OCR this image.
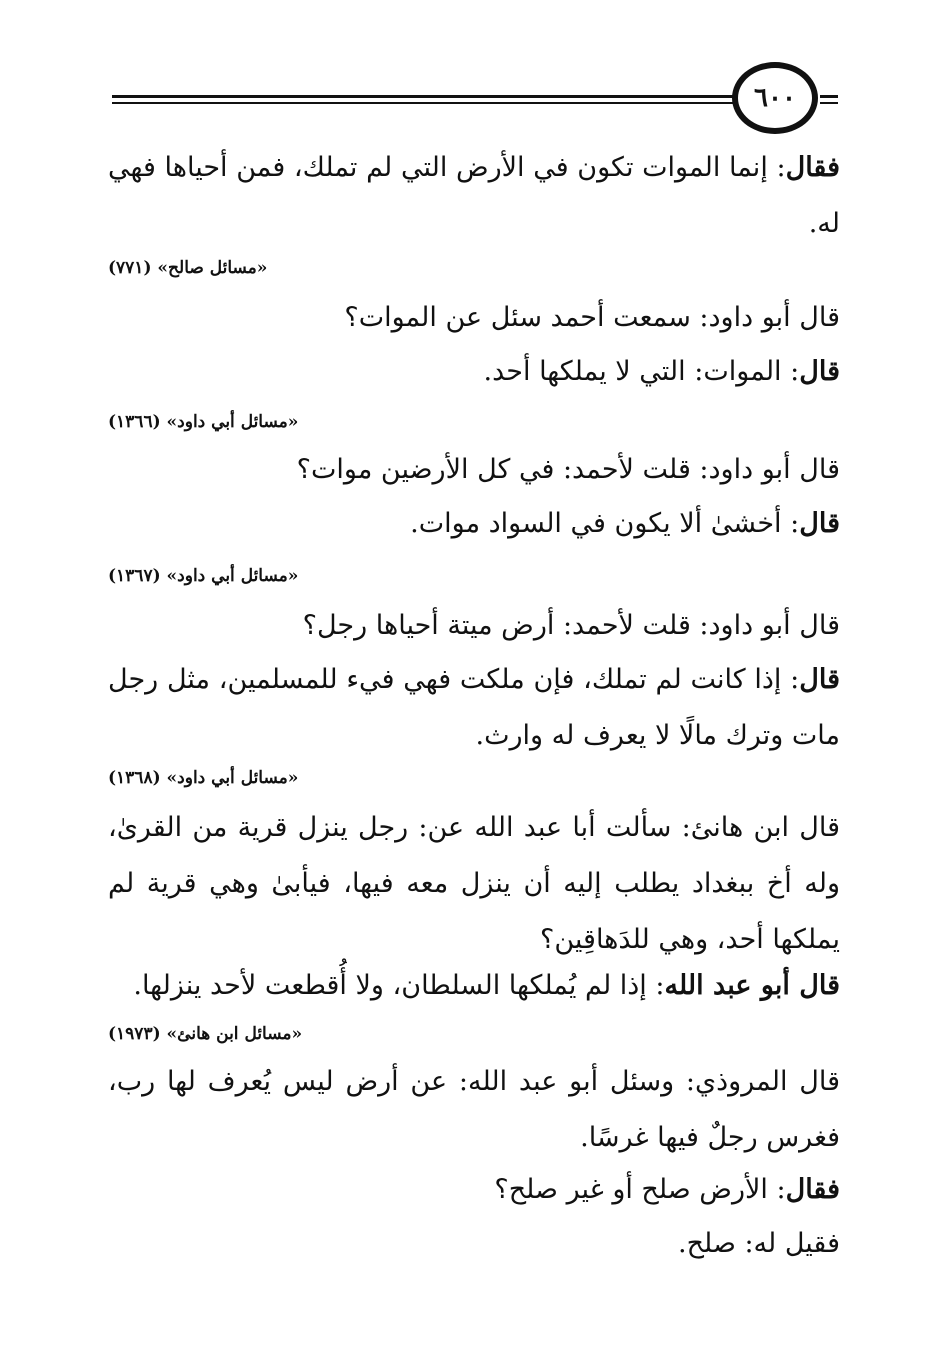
٦٠٠
فقال: إنما الموات تكون في الأرض التي لم تملك، فمن أحياها فهي له.
«مسائل صالح» (٧٧١)
قال أبو داود: سمعت أحمد سئل عن الموات؟
قال: الموات: التي لا يملكها أحد.
«مسائل أبي داود» (١٣٦٦)
قال أبو داود: قلت لأحمد: في كل الأرضين موات؟
قال: أخشىٰ ألا يكون في السواد موات.
«مسائل أبي داود» (١٣٦٧)
قال أبو داود: قلت لأحمد: أرض ميتة أحياها رجل؟
قال: إذا كانت لم تملك، فإن ملكت فهي فيء للمسلمين، مثل رجل مات وترك مالًا لا يعرف له وارث.
«مسائل أبي داود» (١٣٦٨)
قال ابن هانئ: سألت أبا عبد الله عن: رجل ينزل قرية من القرىٰ، وله أخ ببغداد يطلب إليه أن ينزل معه فيها، فيأبىٰ وهي قرية لم يملكها أحد، وهي للدَهاقِين؟
قال أبو عبد الله: إذا لم يُملكها السلطان، ولا أُقطعت لأحد ينزلها.
«مسائل ابن هانئ» (١٩٧٣)
قال المروذي: وسئل أبو عبد الله: عن أرض ليس يُعرف لها رب، فغرس رجلٌ فيها غرسًا.
فقال: الأرض صلح أو غير صلح؟
فقيل له: صلح.
